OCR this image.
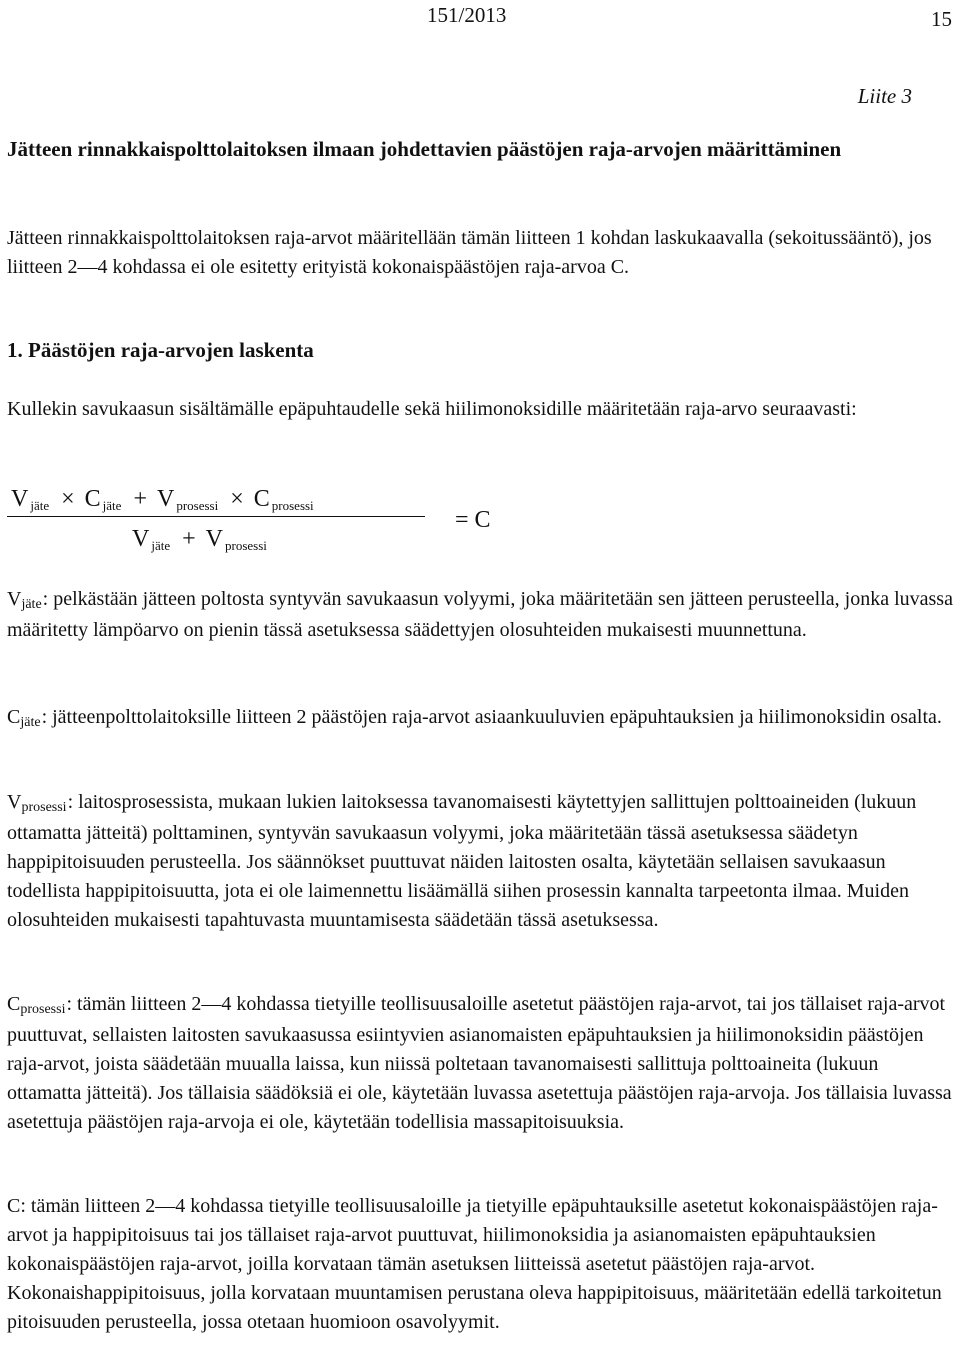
151/2013	15
Liite 3

Jätteen rinnakkaispolttolaitoksen ilmaan johdettavien päästöjen raja-arvojen määrittäminen

Jätteen rinnakkaispolttolaitoksen raja-arvot määritellään tämän liitteen 1 kohdan laskukaavalla (sekoitussääntö), jos liitteen 2—4 kohdassa ei ole esitetty erityistä kokonaispäästöjen raja-arvoa C.

1. Päästöjen raja-arvojen laskenta

Kullekin savukaasun sisältämälle epäpuhtaudelle sekä hiilimonoksidille määritetään raja-arvo seuraavasti:

V $_{jäte}$ × C $_{jäte}$ + V $_{prosessi}$ × C $_{prosessi}$
V $_{jäte}$ + V $_{prosessi}$
= C

$V_{jäte}$: pelkästään jätteen poltosta syntyvän savukaasun volyymi, joka määritetään sen jätteen perusteella, jonka luvassa määritetty lämpöarvo on pienin tässä asetuksessa säädettyjen olosuhteiden mukaisesti muunnettuna.

$C_{jäte}$: jätteenpolttolaitoksille liitteen 2 päästöjen raja-arvot asiaankuuluvien epäpuhtauksien ja hiilimonoksidin osalta.

$V_{prosessi}$: laitosprosessista, mukaan lukien laitoksessa tavanomaisesti käytettyjen sallittujen polttoaineiden (lukuun ottamatta jätteitä) polttaminen, syntyvän savukaasun volyymi, joka määritetään tässä asetuksessa säädetyn happipitoisuuden perusteella. Jos säännökset puuttuvat näiden laitosten osalta, käytetään sellaisen savukaasun todellista happipitoisuutta, jota ei ole laimennettu lisäämällä siihen prosessin kannalta tarpeetonta ilmaa. Muiden olosuhteiden mukaisesti tapahtuvasta muuntamisesta säädetään tässä asetuksessa.

$C_{prosessi}$: tämän liitteen 2—4 kohdassa tietyille teollisuusaloille asetetut päästöjen raja-arvot, tai jos tällaiset raja-arvot puuttuvat, sellaisten laitosten savukaasussa esiintyvien asianomaisten epäpuhtauksien ja hiilimonoksidin päästöjen raja-arvot, joista säädetään muualla laissa, kun niissä poltetaan tavanomaisesti sallittuja polttoaineita (lukuun ottamatta jätteitä). Jos tällaisia säädöksiä ei ole, käytetään luvassa asetettuja päästöjen raja-arvoja. Jos tällaisia luvassa asetettuja päästöjen raja-arvoja ei ole, käytetään todellisia massapitoisuuksia.

C: tämän liitteen 2—4 kohdassa tietyille teollisuusaloille ja tietyille epäpuhtauksille asetetut kokonaispäästöjen raja-arvot ja happipitoisuus tai jos tällaiset raja-arvot puuttuvat, hiilimonoksidia ja asianomaisten epäpuhtauksien kokonaispäästöjen raja-arvot, joilla korvataan tämän asetuksen liitteissä asetetut päästöjen raja-arvot. Kokonaishappipitoisuus, jolla korvataan muuntamisen perustana oleva happipitoisuus, määritetään edellä tarkoitetun pitoisuuden perusteella, jossa otetaan huomioon osavolyymit.
